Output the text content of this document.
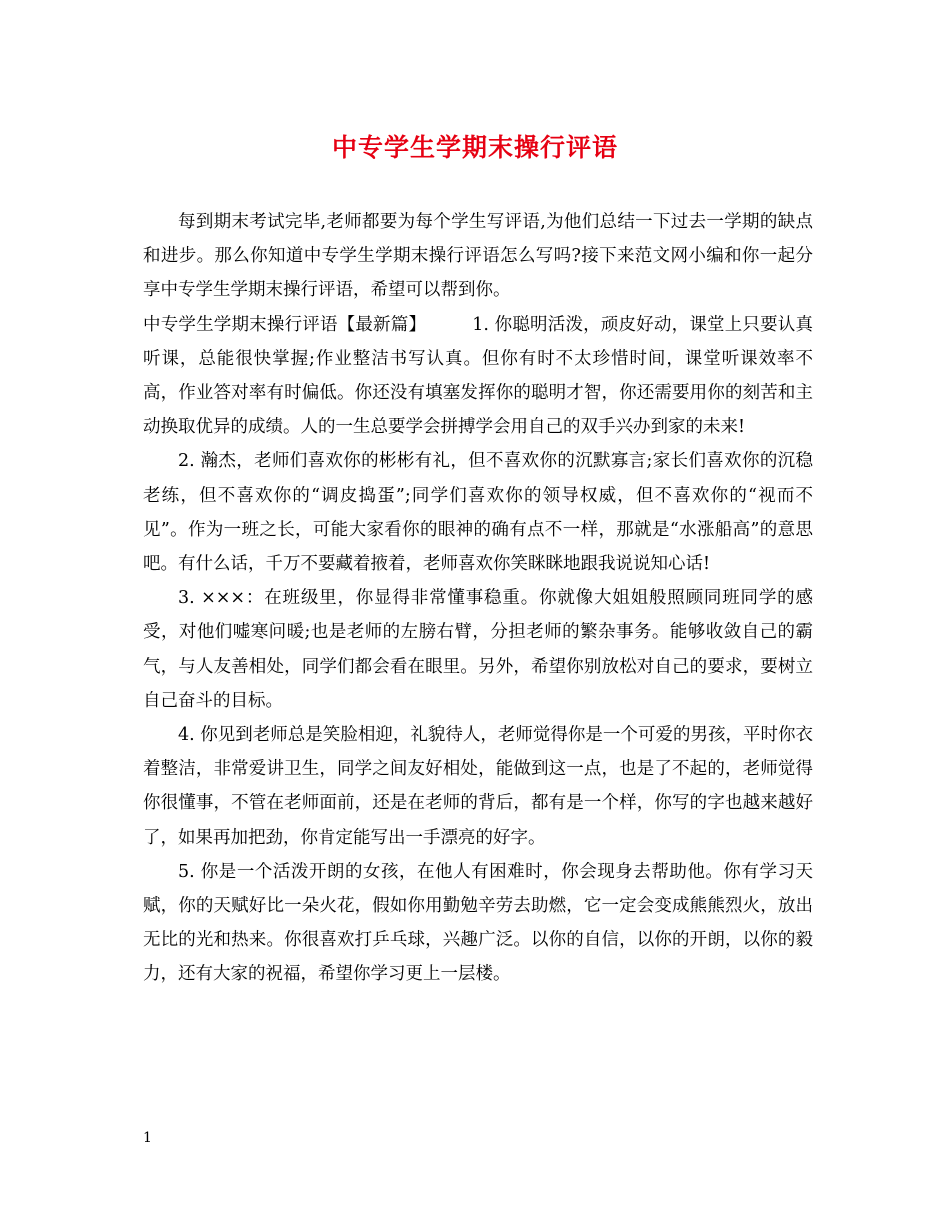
中专学生学期末操行评语

每到期末考试完毕,老师都要为每个学生写评语,为他们总结一下过去一学期的缺点和进步。那么你知道中专学生学期末操行评语怎么写吗?接下来范文网小编和你一起分享中专学生学期末操行评语，希望可以帮到你。

中专学生学期末操行评语【最新篇】        1. 你聪明活泼，顽皮好动，课堂上只要认真听课，总能很快掌握;作业整洁书写认真。但你有时不太珍惜时间，课堂听课效率不高，作业答对率有时偏低。你还没有填塞发挥你的聪明才智，你还需要用你的刻苦和主动换取优异的成绩。人的一生总要学会拼搏学会用自己的双手兴办到家的未来!

2. 瀚杰，老师们喜欢你的彬彬有礼，但不喜欢你的沉默寡言;家长们喜欢你的沉稳老练，但不喜欢你的“调皮捣蛋”;同学们喜欢你的领导权威，但不喜欢你的“视而不见”。作为一班之长，可能大家看你的眼神的确有点不一样，那就是“水涨船高”的意思吧。有什么话，千万不要藏着掖着，老师喜欢你笑眯眯地跟我说说知心话!

3. ×××：在班级里，你显得非常懂事稳重。你就像大姐姐般照顾同班同学的感受，对他们嘘寒问暖;也是老师的左膀右臂，分担老师的繁杂事务。能够收敛自己的霸气，与人友善相处，同学们都会看在眼里。另外，希望你别放松对自己的要求，要树立自己奋斗的目标。

4. 你见到老师总是笑脸相迎，礼貌待人，老师觉得你是一个可爱的男孩，平时你衣着整洁，非常爱讲卫生，同学之间友好相处，能做到这一点，也是了不起的，老师觉得你很懂事，不管在老师面前，还是在老师的背后，都有是一个样，你写的字也越来越好了，如果再加把劲，你肯定能写出一手漂亮的好字。

5. 你是一个活泼开朗的女孩，在他人有困难时，你会现身去帮助他。你有学习天赋，你的天赋好比一朵火花，假如你用勤勉辛劳去助燃，它一定会变成熊熊烈火，放出无比的光和热来。你很喜欢打乒乓球，兴趣广泛。以你的自信，以你的开朗，以你的毅力，还有大家的祝福，希望你学习更上一层楼。

1
